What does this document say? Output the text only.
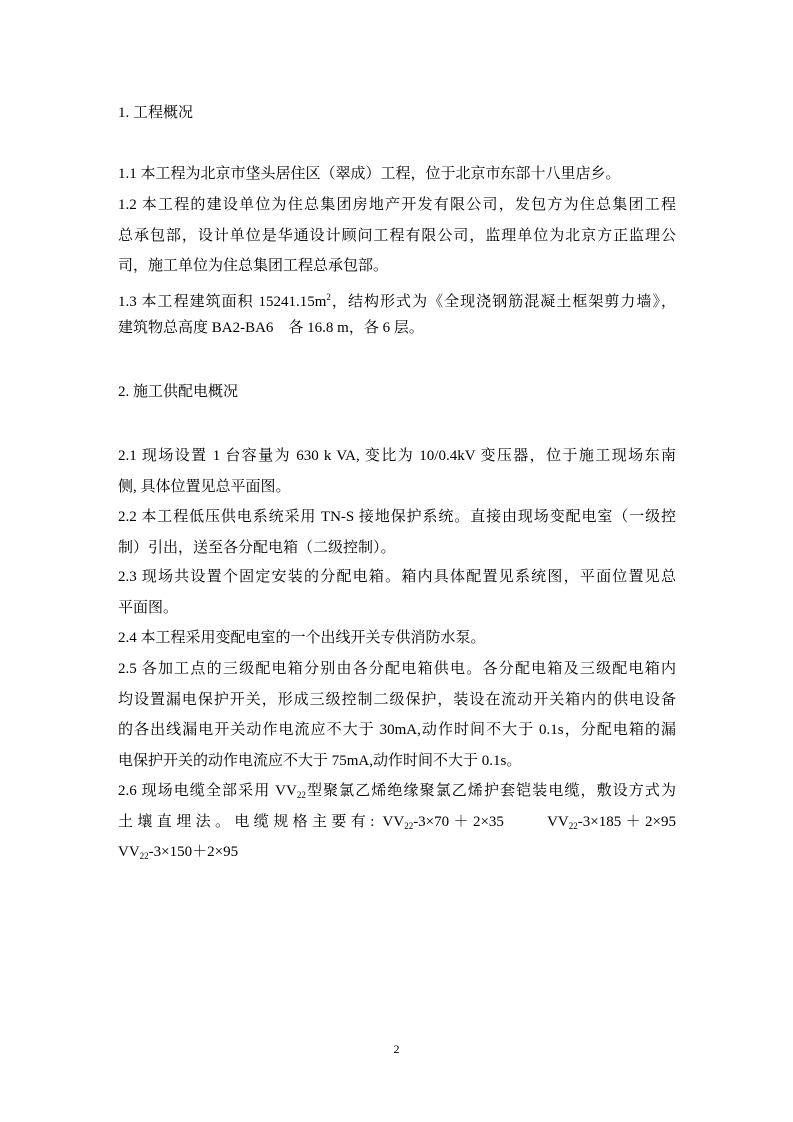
1. 工程概况
1.1 本工程为北京市垡头居住区（翠成）工程，位于北京市东部十八里店乡。
1.2 本工程的建设单位为住总集团房地产开发有限公司，发包方为住总集团工程
总承包部，设计单位是华通设计顾问工程有限公司，监理单位为北京方正监理公
司，施工单位为住总集团工程总承包部。
1.3 本工程建筑面积 $15241.15m^2$，结构形式为《全现浇钢筋混凝土框架剪力墙》，
建筑物总高度 BA2-BA6　各 16.8 m，各 6 层。
2. 施工供配电概况
2.1 现场设置 1 台容量为 630 k VA, 变比为 10/0.4kV 变压器，位于施工现场东南
侧, 具体位置见总平面图。
2.2 本工程低压供电系统采用 TN-S 接地保护系统。直接由现场变配电室（一级控
制）引出，送至各分配电箱（二级控制）。
2.3 现场共设置个固定安装的分配电箱。箱内具体配置见系统图，平面位置见总
平面图。
2.4 本工程采用变配电室的一个出线开关专供消防水泵。
2.5 各加工点的三级配电箱分别由各分配电箱供电。各分配电箱及三级配电箱内
均设置漏电保护开关，形成三级控制二级保护，装设在流动开关箱内的供电设备
的各出线漏电开关动作电流应不大于 30mA,动作时间不大于 0.1s，分配电箱的漏
电保护开关的动作电流应不大于 75mA,动作时间不大于 0.1s。
2.6 现场电缆全部采用 $VV_{22}$型聚氯乙烯绝缘聚氯乙烯护套铠装电缆，敷设方式为
土壤直埋法。电缆规格主要有: $VV_{22}-3\times 70+2\times 35$　　$VV_{22}-3\times 185+2\times 95$
$VV_{22}-3\times 150+2\times 95$
2
